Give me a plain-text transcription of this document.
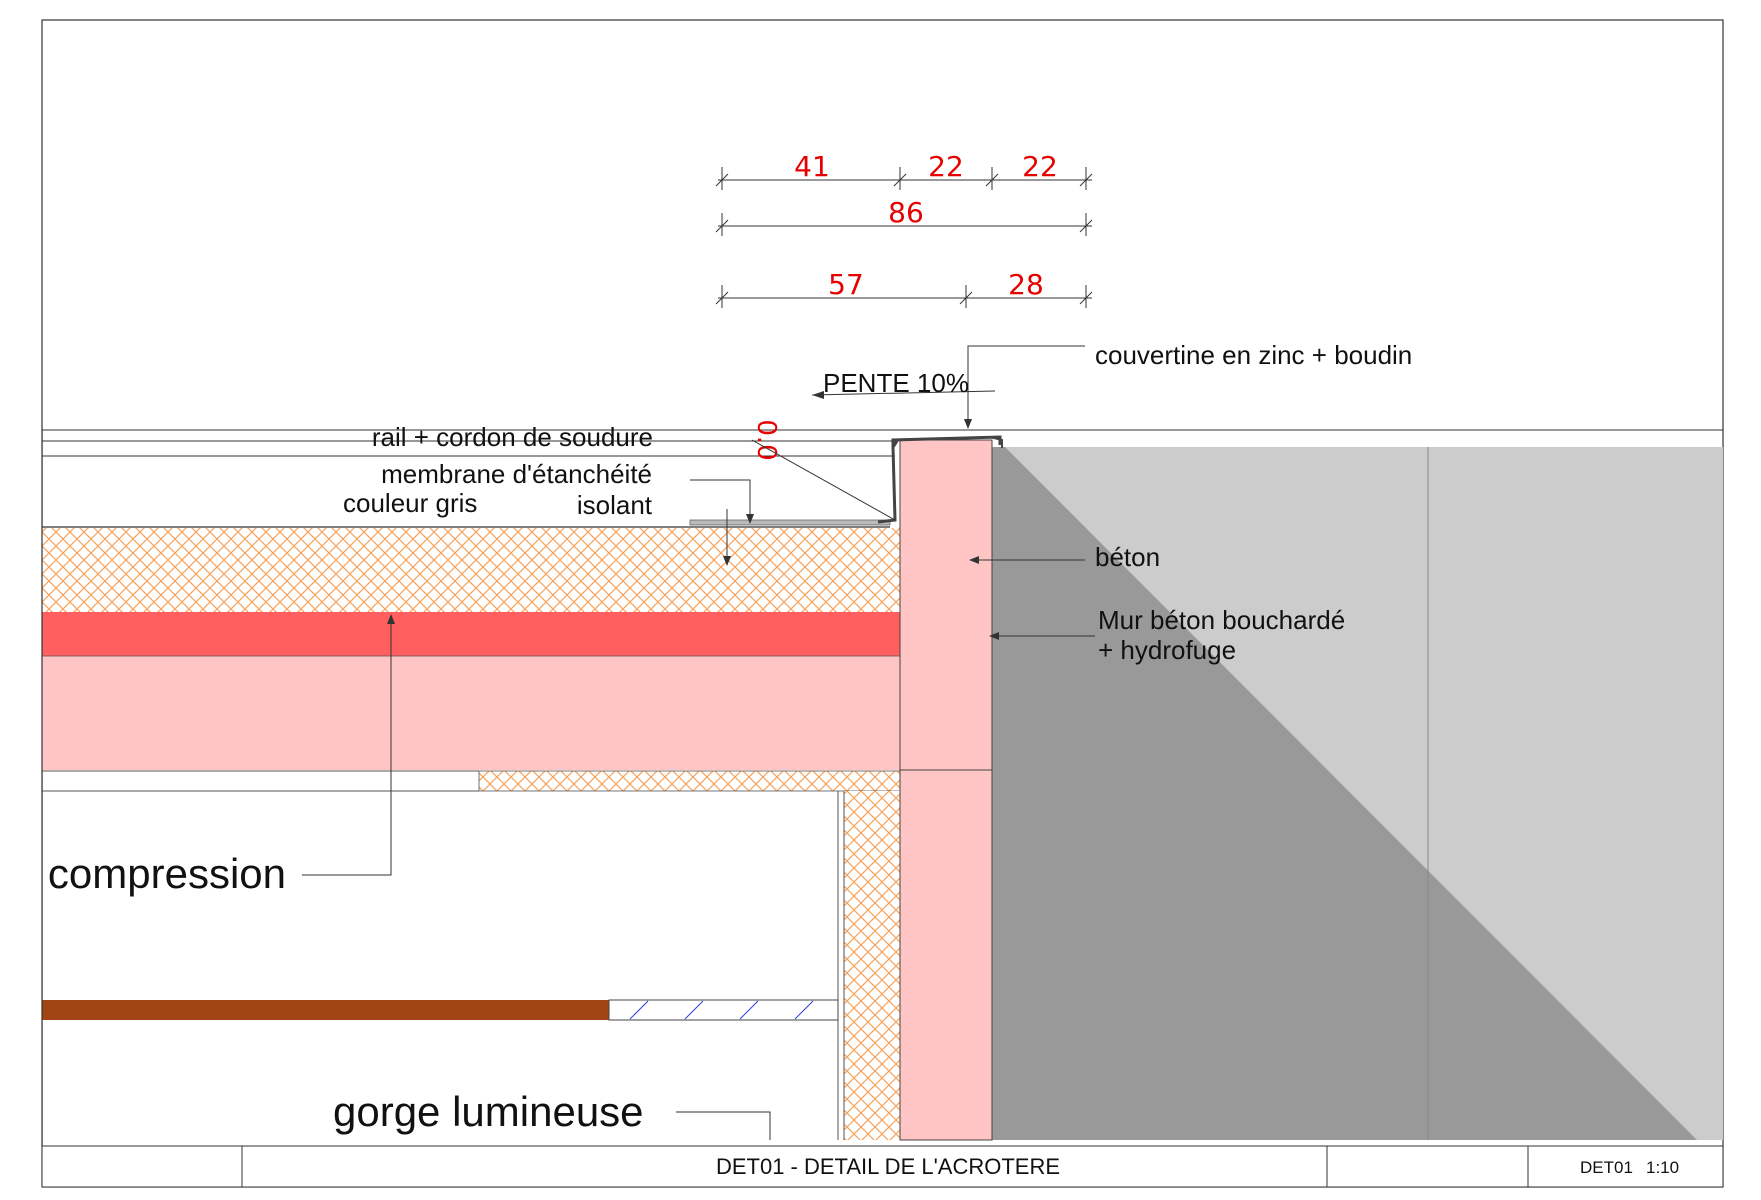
41	22 22
86
57	28
0.0
PENTE 10%
couvertine en zinc + boudin
rail + cordon de soudure
membrane d'étanchéité
couleur gris	isolant
béton
Mur béton bouchardé
+ hydrofuge
compression
gorge lumineuse
DET01 - DETAIL DE L'ACROTERE	DET01 1:10
